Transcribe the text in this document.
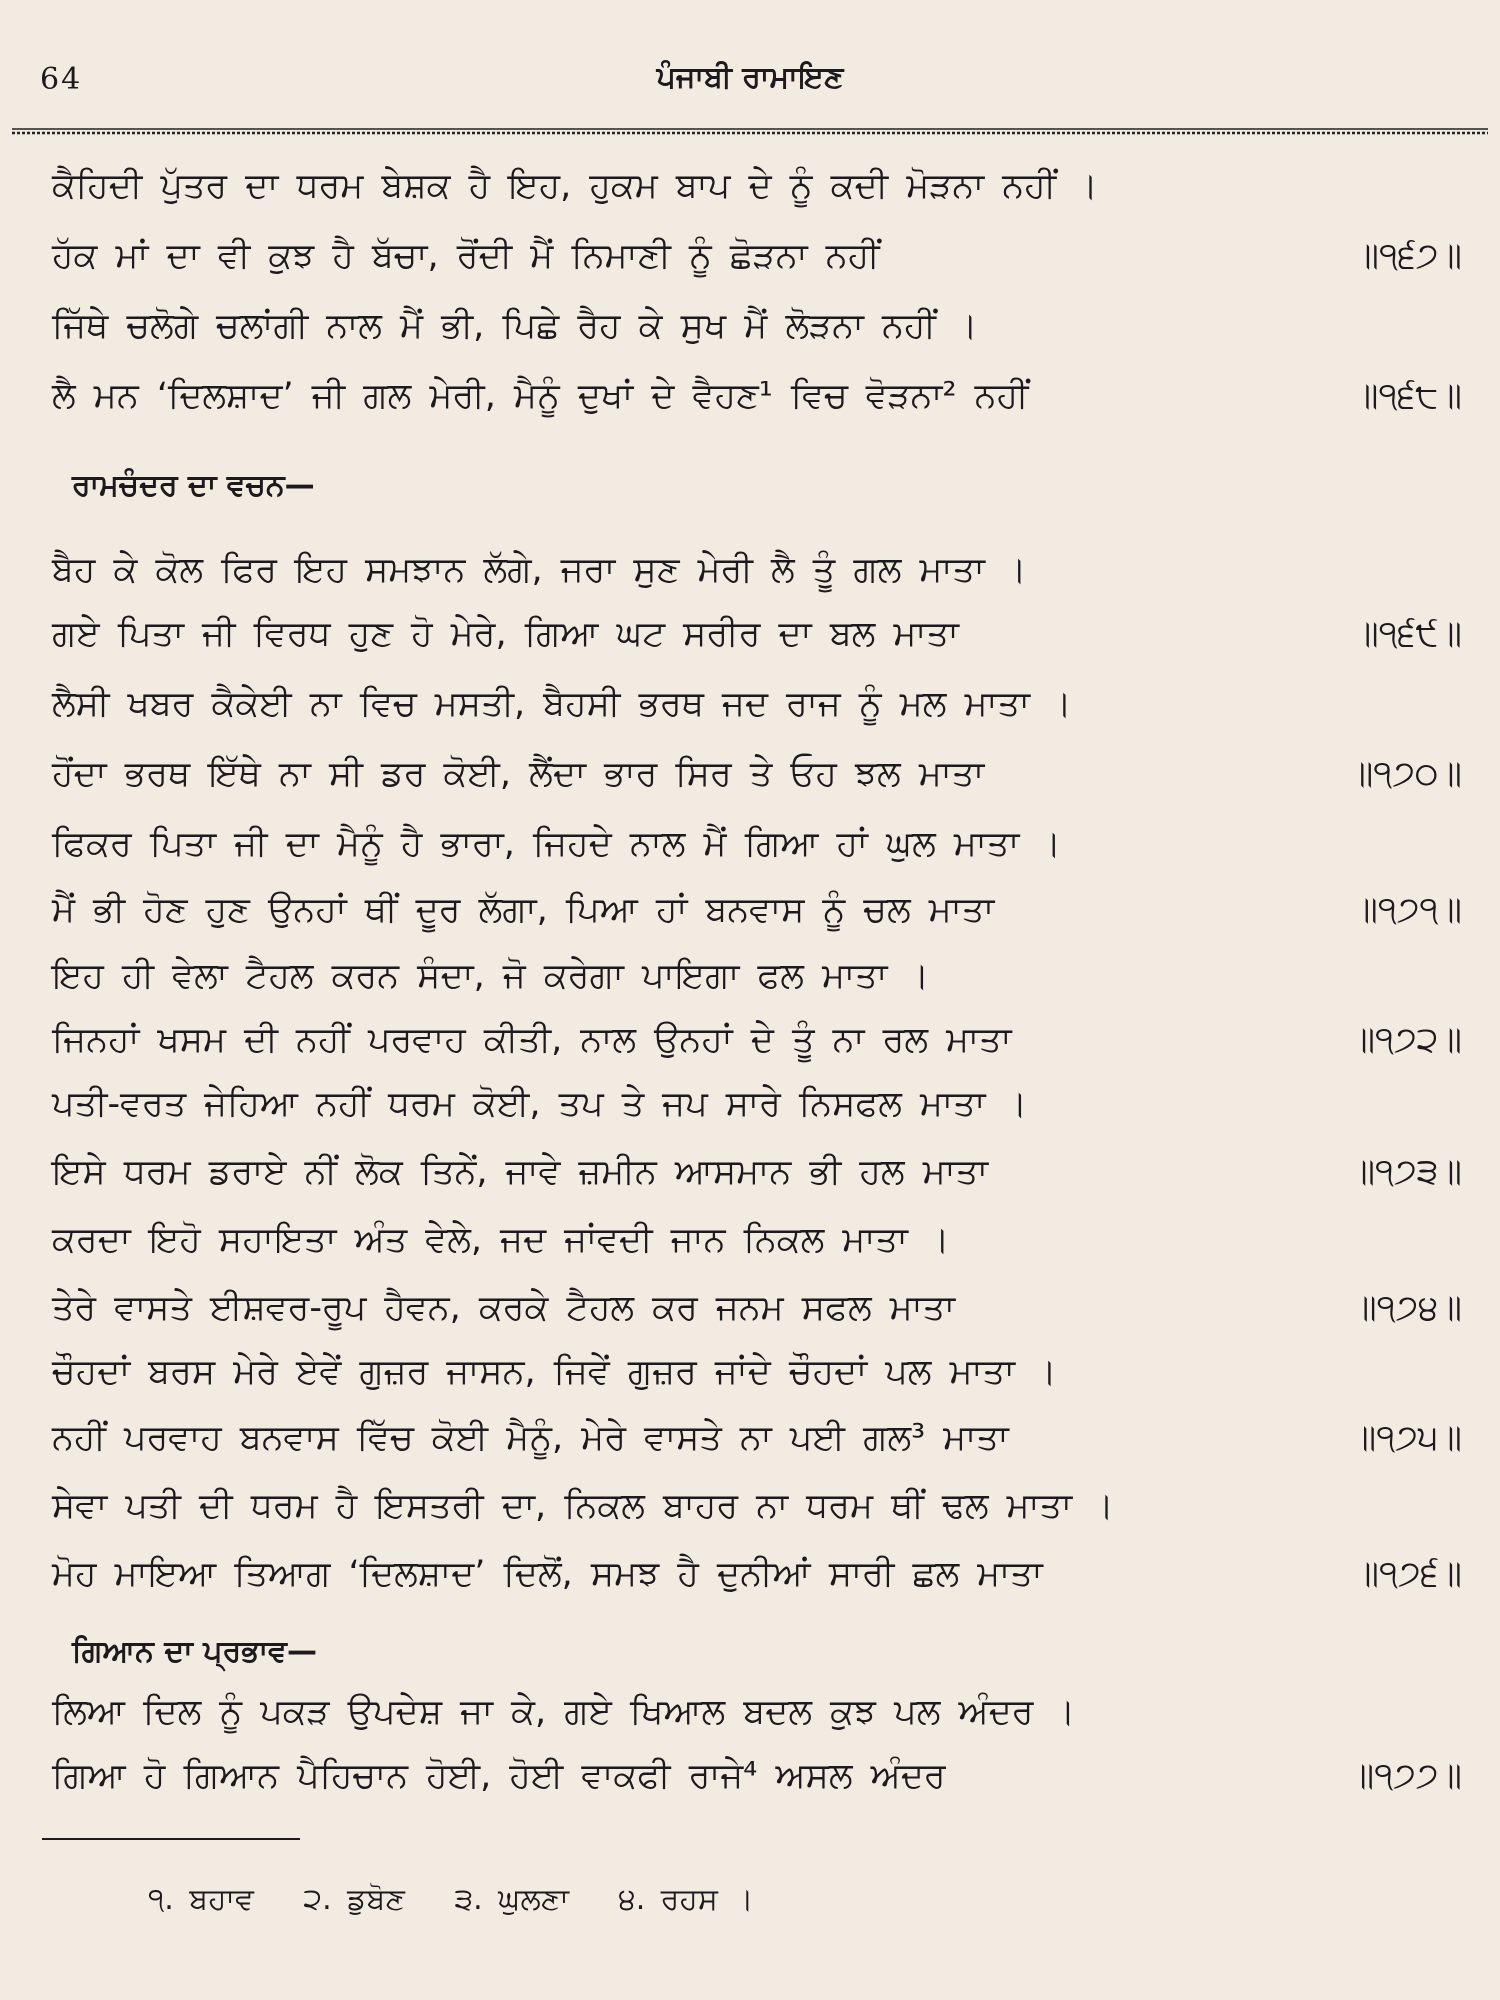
64	ਪੰਜਾਬੀ ਰਾਮਾਇਣ
ਕੈਹਿਦੀ ਪੁੱਤਰ ਦਾ ਧਰਮ ਬੇਸ਼ਕ ਹੈ ਇਹ, ਹੁਕਮ ਬਾਪ ਦੇ ਨੂੰ ਕਦੀ ਮੋੜਨਾ ਨਹੀਂ ।
ਹੱਕ ਮਾਂ ਦਾ ਵੀ ਕੁਝ ਹੈ ਬੱਚਾ, ਰੋਂਦੀ ਮੈਂ ਨਿਮਾਣੀ ਨੂੰ ਛੋੜਨਾ ਨਹੀਂ	॥੧੬੭॥
ਜਿੱਥੇ ਚਲੋਗੇ ਚਲਾਂਗੀ ਨਾਲ ਮੈਂ ਭੀ, ਪਿਛੇ ਰੈਹ ਕੇ ਸੁਖ ਮੈਂ ਲੋੜਨਾ ਨਹੀਂ ।
ਲੈ ਮਨ ‘ਦਿਲਸ਼ਾਦ’ ਜੀ ਗਲ ਮੇਰੀ, ਮੈਨੂੰ ਦੁਖਾਂ ਦੇ ਵੈਹਣ¹ ਵਿਚ ਵੋੜਨਾ² ਨਹੀਂ	॥੧੬੮॥
ਰਾਮਚੰਦਰ ਦਾ ਵਚਨ—
ਬੈਹ ਕੇ ਕੋਲ ਫਿਰ ਇਹ ਸਮਝਾਨ ਲੱਗੇ, ਜਰਾ ਸੁਣ ਮੇਰੀ ਲੈ ਤੂੰ ਗਲ ਮਾਤਾ ।
ਗਏ ਪਿਤਾ ਜੀ ਵਿਰਧ ਹੁਣ ਹੋ ਮੇਰੇ, ਗਿਆ ਘਟ ਸਰੀਰ ਦਾ ਬਲ ਮਾਤਾ	॥੧੬੯॥
ਲੈਸੀ ਖਬਰ ਕੈਕੇਈ ਨਾ ਵਿਚ ਮਸਤੀ, ਬੈਹਸੀ ਭਰਥ ਜਦ ਰਾਜ ਨੂੰ ਮਲ ਮਾਤਾ ।
ਹੋਂਦਾ ਭਰਥ ਇੱਥੇ ਨਾ ਸੀ ਡਰ ਕੋਈ, ਲੈਂਦਾ ਭਾਰ ਸਿਰ ਤੇ ਓਹ ਝਲ ਮਾਤਾ	॥੧੭੦॥
ਫਿਕਰ ਪਿਤਾ ਜੀ ਦਾ ਮੈਨੂੰ ਹੈ ਭਾਰਾ, ਜਿਹਦੇ ਨਾਲ ਮੈਂ ਗਿਆ ਹਾਂ ਘੁਲ ਮਾਤਾ ।
ਮੈਂ ਭੀ ਹੋਣ ਹੁਣ ਉਨਹਾਂ ਥੀਂ ਦੂਰ ਲੱਗਾ, ਪਿਆ ਹਾਂ ਬਨਵਾਸ ਨੂੰ ਚਲ ਮਾਤਾ	॥੧੭੧॥
ਇਹ ਹੀ ਵੇਲਾ ਟੈਹਲ ਕਰਨ ਸੰਦਾ, ਜੋ ਕਰੇਗਾ ਪਾਇਗਾ ਫਲ ਮਾਤਾ ।
ਜਿਨਹਾਂ ਖਸਮ ਦੀ ਨਹੀਂ ਪਰਵਾਹ ਕੀਤੀ, ਨਾਲ ਉਨਹਾਂ ਦੇ ਤੂੰ ਨਾ ਰਲ ਮਾਤਾ	॥੧੭੨॥
ਪਤੀ-ਵਰਤ ਜੇਹਿਆ ਨਹੀਂ ਧਰਮ ਕੋਈ, ਤਪ ਤੇ ਜਪ ਸਾਰੇ ਨਿਸਫਲ ਮਾਤਾ ।
ਇਸੇ ਧਰਮ ਡਰਾਏ ਨੀਂ ਲੋਕ ਤਿਨੇਂ, ਜਾਵੇ ਜ਼ਮੀਨ ਆਸਮਾਨ ਭੀ ਹਲ ਮਾਤਾ	॥੧੭੩॥
ਕਰਦਾ ਇਹੋ ਸਹਾਇਤਾ ਅੰਤ ਵੇਲੇ, ਜਦ ਜਾਂਵਦੀ ਜਾਨ ਨਿਕਲ ਮਾਤਾ ।
ਤੇਰੇ ਵਾਸਤੇ ਈਸ਼ਵਰ-ਰੂਪ ਹੈਵਨ, ਕਰਕੇ ਟੈਹਲ ਕਰ ਜਨਮ ਸਫਲ ਮਾਤਾ	॥੧੭੪॥
ਚੌਹਦਾਂ ਬਰਸ ਮੇਰੇ ਏਵੇਂ ਗੁਜ਼ਰ ਜਾਸਨ, ਜਿਵੇਂ ਗੁਜ਼ਰ ਜਾਂਦੇ ਚੌਹਦਾਂ ਪਲ ਮਾਤਾ ।
ਨਹੀਂ ਪਰਵਾਹ ਬਨਵਾਸ ਵਿੱਚ ਕੋਈ ਮੈਨੂੰ, ਮੇਰੇ ਵਾਸਤੇ ਨਾ ਪਈ ਗਲ³ ਮਾਤਾ	॥੧੭੫॥
ਸੇਵਾ ਪਤੀ ਦੀ ਧਰਮ ਹੈ ਇਸਤਰੀ ਦਾ, ਨਿਕਲ ਬਾਹਰ ਨਾ ਧਰਮ ਥੀਂ ਢਲ ਮਾਤਾ ।
ਮੋਹ ਮਾਇਆ ਤਿਆਗ ‘ਦਿਲਸ਼ਾਦ’ ਦਿਲੋਂ, ਸਮਝ ਹੈ ਦੁਨੀਆਂ ਸਾਰੀ ਛਲ ਮਾਤਾ	॥੧੭੬॥
ਗਿਆਨ ਦਾ ਪ੍ਰਭਾਵ—
ਲਿਆ ਦਿਲ ਨੂੰ ਪਕੜ ਉਪਦੇਸ਼ ਜਾ ਕੇ, ਗਏ ਖਿਆਲ ਬਦਲ ਕੁਝ ਪਲ ਅੰਦਰ ।
ਗਿਆ ਹੋ ਗਿਆਨ ਪੈਹਿਚਾਨ ਹੋਈ, ਹੋਈ ਵਾਕਫੀ ਰਾਜੇ⁴ ਅਸਲ ਅੰਦਰ	॥੧੭੭॥
੧. ਬਹਾਵ ੨. ਡੁਬੋਣ ੩. ਘੁਲਣਾ ੪. ਰਹਸ ।
